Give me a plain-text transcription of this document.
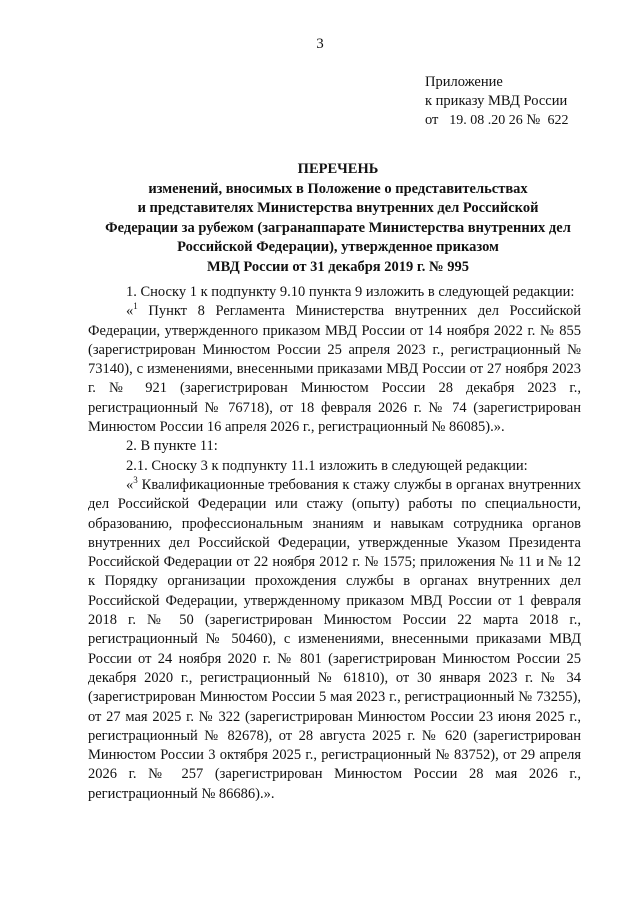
3
Приложение
к приказу МВД России
от 19. 08 .20 26 № 622
ПЕРЕЧЕНЬ
изменений, вносимых в Положение о представительствах
и представителях Министерства внутренних дел Российской
Федерации за рубежом (загранаппарате Министерства внутренних дел
Российской Федерации), утвержденное приказом
МВД России от 31 декабря 2019 г. № 995

1. Сноску 1 к подпункту 9.10 пункта 9 изложить в следующей редакции:

«$^1$ Пункт 8 Регламента Министерства внутренних дел Российской Федерации, утвержденного приказом МВД России от 14 ноября 2022 г. № 855 (зарегистрирован Минюстом России 25 апреля 2023 г., регистрационный № 73140), с изменениями, внесенными приказами МВД России от 27 ноября 2023 г. № 921 (зарегистрирован Минюстом России 28 декабря 2023 г., регистрационный № 76718), от 18 февраля 2026 г. № 74 (зарегистрирован Минюстом России 16 апреля 2026 г., регистрационный № 86085).».

2. В пункте 11:

2.1. Сноску 3 к подпункту 11.1 изложить в следующей редакции:

«$^3$ Квалификационные требования к стажу службы в органах внутренних дел Российской Федерации или стажу (опыту) работы по специальности, образованию, профессиональным знаниям и навыкам сотрудника органов внутренних дел Российской Федерации, утвержденные Указом Президента Российской Федерации от 22 ноября 2012 г. № 1575; приложения № 11 и № 12 к Порядку организации прохождения службы в органах внутренних дел Российской Федерации, утвержденному приказом МВД России от 1 февраля 2018 г. № 50 (зарегистрирован Минюстом России 22 марта 2018 г., регистрационный № 50460), с изменениями, внесенными приказами МВД России от 24 ноября 2020 г. № 801 (зарегистрирован Минюстом России 25 декабря 2020 г., регистрационный № 61810), от 30 января 2023 г. № 34 (зарегистрирован Минюстом России 5 мая 2023 г., регистрационный № 73255), от 27 мая 2025 г. № 322 (зарегистрирован Минюстом России 23 июня 2025 г., регистрационный № 82678), от 28 августа 2025 г. № 620 (зарегистрирован Минюстом России 3 октября 2025 г., регистрационный № 83752), от 29 апреля 2026 г. № 257 (зарегистрирован Минюстом России 28 мая 2026 г., регистрационный № 86686).».
